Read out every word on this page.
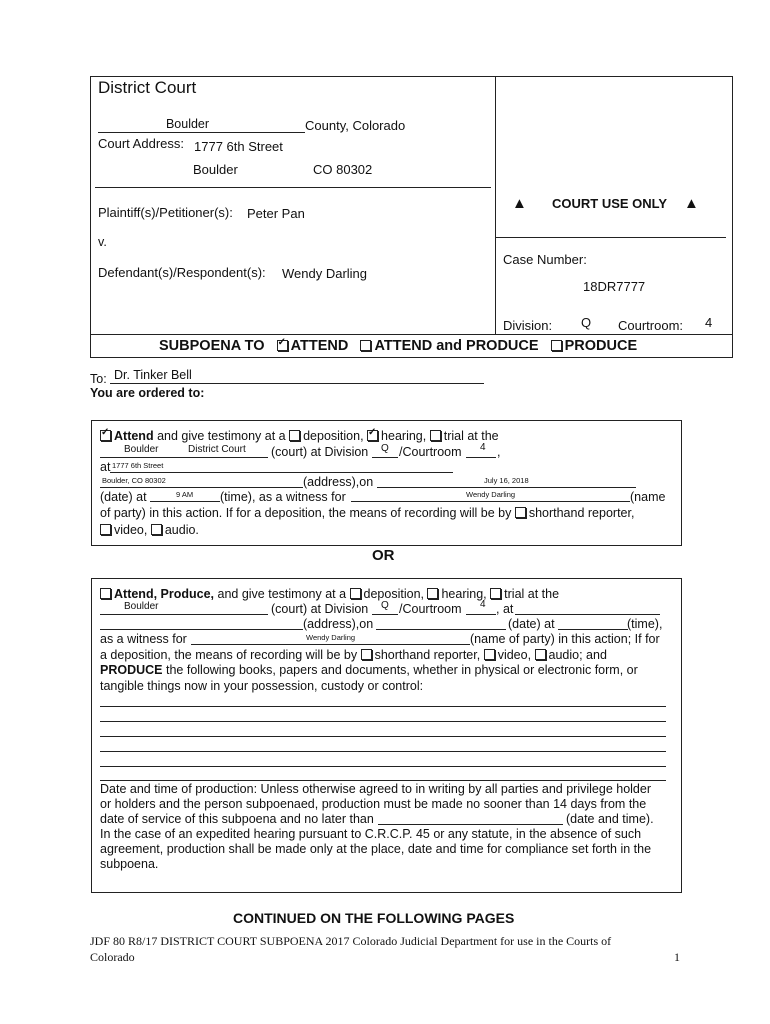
District Court
Boulder	County, Colorado
Court Address: 1777 6th Street
Boulder	CO 80302
Plaintiff(s)/Petitioner(s): Peter Pan
v.
Defendant(s)/Respondent(s): Wendy Darling
▲ COURT USE ONLY ▲
Case Number:
18DR7777
Division: Q Courtroom: 4
SUBPOENA TO ✓ ATTEND ATTEND and PRODUCE PRODUCE
To: Dr. Tinker Bell
You are ordered to:
✓Attend and give testimony at a deposition, ✓ hearing, trial at the
Boulder	District Court (court) at Division Q /Courtroom 4 ,
at 1777 6th Street
Boulder, CO 80302	(address),on	July 16, 2018
(date) at	9 AM (time), as a witness for	Wendy Darling	(name
of party) in this action. If for a deposition, the means of recording will be by shorthand reporter,
video, audio.
OR
Attend, Produce, and give testimony at a deposition, hearing, trial at the
Boulder	(court) at Division Q /Courtroom 4 , at
(address),on	(date) at	(time),
as a witness for	Wendy Darling	(name of party) in this action; If for
a deposition, the means of recording will be by shorthand reporter, video, audio; and
PRODUCE the following books, papers and documents, whether in physical or electronic form, or
tangible things now in your possession, custody or control:
Date and time of production: Unless otherwise agreed to in writing by all parties and privilege holder
or holders and the person subpoenaed, production must be made no sooner than 14 days from the
date of service of this subpoena and no later than	(date and time).
In the case of an expedited hearing pursuant to C.R.C.P. 45 or any statute, in the absence of such
agreement, production shall be made only at the place, date and time for compliance set forth in the
subpoena.
CONTINUED ON THE FOLLOWING PAGES
JDF 80 R8/17 DISTRICT COURT SUBPOENA 2017 Colorado Judicial Department for use in the Courts of
Colorado	1
